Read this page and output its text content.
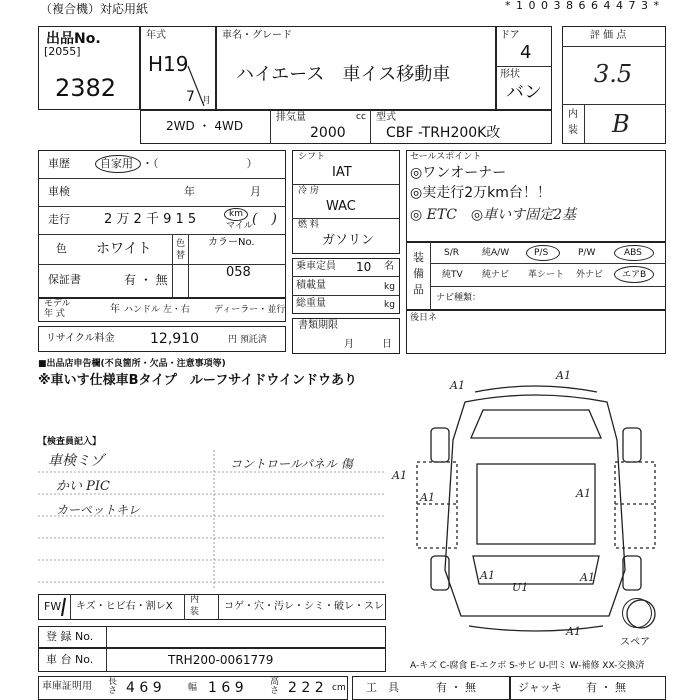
（複合機）対応用紙	* 1 0 0 3 8 6 6 4 4 7 3 *
出品No.
[2055]
2382
年式
H19
7 月
車名・グレード
ハイエース　車イス移動車
ドア
4
形状
バン
評 価 点
3.5
内
装 B
2WD ・ 4WD
排気量	cc
2000
型式
CBF -TRH200K改
車歴	自家用 ・（　　　　　　　　）
車検	年	月
走行	2 万 2 千 9 1 5	km
マイル (　)
色 ホワイト	色
替
カラーNo.
058
保証書	有 ・ 無
モデル
年 式	年 ハンドル 左・右	ディーラー・並行
リサイクル料金	12,910	円 預託済
シフト
IAT
冷 房
WAC
燃 料
ガソリン
乗車定員 10 名
積載量	kg
総重量	kg
書類期限
月	日
セールスポイント
◎ワンオーナー
◎実走行2万km台！！
◎ ETC　◎車いす固定2基
装
備
品
S/R	純A/W	P/S	P/W	ABS
純TV 純ナビ 革シート 外ナビ エアB
ナビ種類：
後日ネ
■出品店申告欄(不良箇所・欠品・注意事項等)
※車いす仕様車Bタイプ　ルーフサイドウインドウあり
【検査員記入】
車検ミゾ
かい PIC
カーペットキレ
コントロールパネル 傷
FW キズ・ヒビ右・割レX
内
装 コゲ・穴・汚レ・シミ・破レ・スレ
登 録 No.
車 台 No.	TRH200-0061779
車庫証明用 長さ 4 6 9	幅 1 6 9	高さ 2 2 2 cm 工　具	有 ・ 無	ジャッキ 有 ・ 無
A1
A1
A1
A1	A1
A1	A1
A1
U1
スペア
A-キズ C-腐食 E-エクボ S-サビ U-凹ミ W-補修 XX-交換済
